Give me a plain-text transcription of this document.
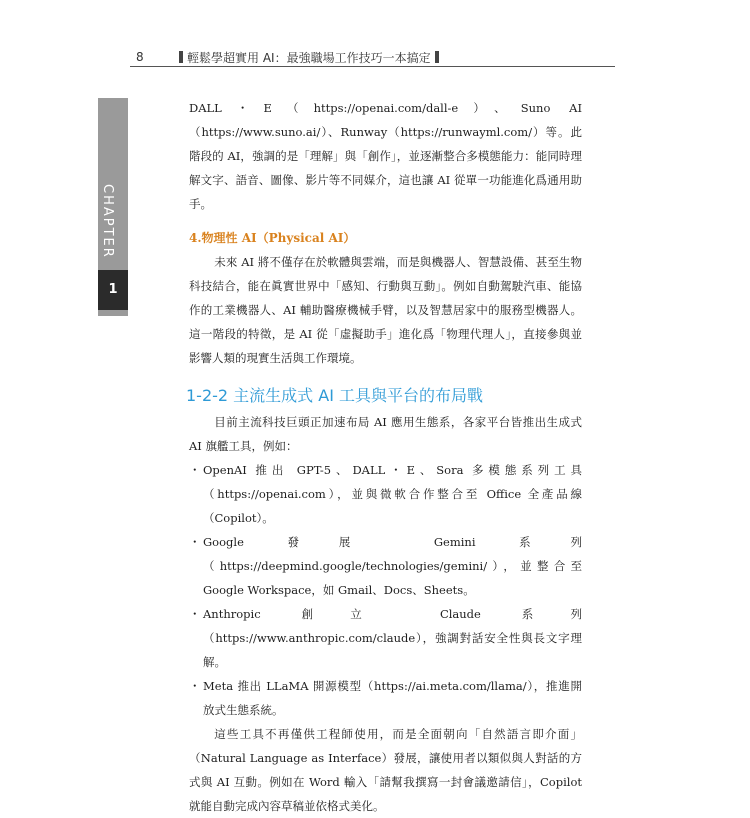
8	輕鬆學超實用 AI：最強職場工作技巧一本搞定
CHAPTER
1

DALL・E（https://openai.com/dall-e）、Suno AI（https://www.suno.ai/）、Runway（https://runwayml.com/）等。此階段的 AI，強調的是「理解」與「創作」，並逐漸整合多模態能力：能同時理解文字、語音、圖像、影片等不同媒介，這也讓 AI 從單一功能進化爲通用助手。

4.物理性 AI（Physical AI）

未來 AI 將不僅存在於軟體與雲端，而是與機器人、智慧設備、甚至生物科技結合，能在眞實世界中「感知、行動與互動」。例如自動駕駛汽車、能協作的工業機器人、AI 輔助醫療機械手臂，以及智慧居家中的服務型機器人。這一階段的特徵，是 AI 從「虛擬助手」進化爲「物理代理人」，直接參與並影響人類的現實生活與工作環境。

1-2-2 主流生成式 AI 工具與平台的布局戰

目前主流科技巨頭正加速布局 AI 應用生態系，各家平台皆推出生成式 AI 旗艦工具，例如：

・ OpenAI 推出 GPT-5、DALL・E、Sora 多模態系列工具（https://openai.com），並與微軟合作整合至 Office 全產品線（Copilot）。

・ Google 發展 Gemini 系列（https://deepmind.google/technologies/gemini/），並整合至 Google Workspace，如 Gmail、Docs、Sheets。

・ Anthropic 創立 Claude 系列（https://www.anthropic.com/claude），強調對話安全性與長文字理解。

・ Meta 推出 LLaMA 開源模型（https://ai.meta.com/llama/），推進開放式生態系統。

這些工具不再僅供工程師使用，而是全面朝向「自然語言即介面」（Natural Language as Interface）發展，讓使用者以類似與人對話的方式與 AI 互動。例如在 Word 輸入「請幫我撰寫一封會議邀請信」，Copilot 就能自動完成內容草稿並依格式美化。
